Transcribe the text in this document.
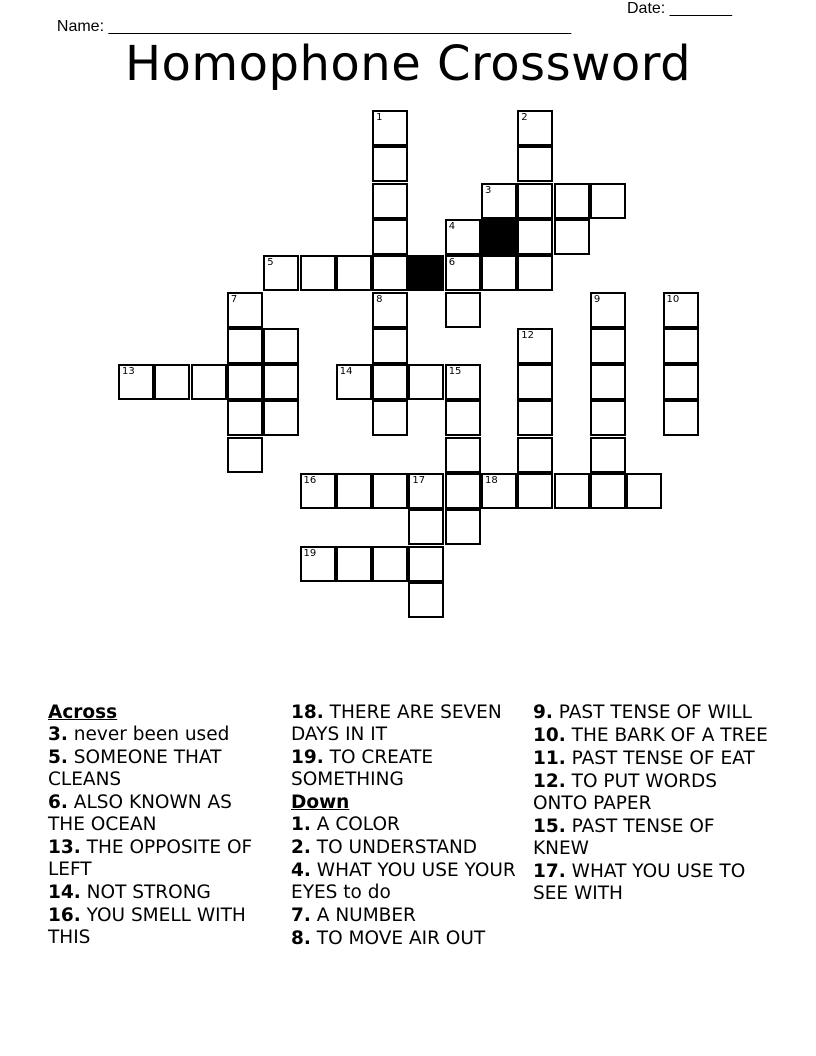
Name: ____________________________________________________

Date: _______

Homophone Crossword
1
8
2
3
4
5	6
7
13	14	15
12
9	10
16	17	18
19
Across
3. never been used
5. SOMEONE THAT CLEANS
6. ALSO KNOWN AS THE OCEAN
13. THE OPPOSITE OF LEFT
14. NOT STRONG
16. YOU SMELL WITH THIS
18. THERE ARE SEVEN DAYS IN IT
19. TO CREATE SOMETHING
Down
1. A COLOR
2. TO UNDERSTAND
4. WHAT YOU USE YOUR EYES to do
7. A NUMBER
8. TO MOVE AIR OUT
9. PAST TENSE OF WILL
10. THE BARK OF A TREE
11. PAST TENSE OF EAT
12. TO PUT WORDS ONTO PAPER
15. PAST TENSE OF KNEW
17. WHAT YOU USE TO SEE WITH
